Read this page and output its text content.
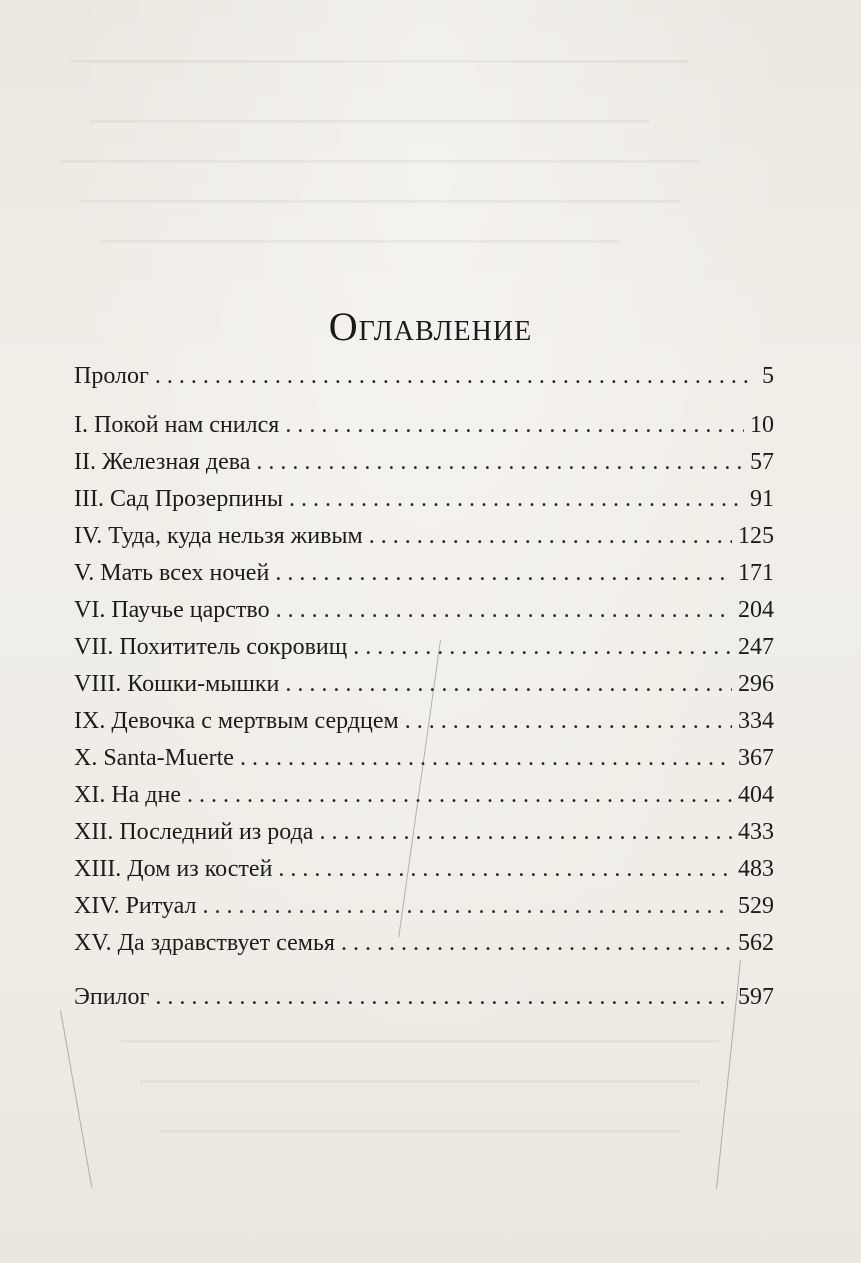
Оглавление
Пролог . . .	5
I. Покой нам снился . . .	10
II. Железная дева . . .	57
III. Сад Прозерпины . . .	91
IV. Туда, куда нельзя живым . . .	125
V. Мать всех ночей . . .	171
VI. Паучье царство . . .	204
VII. Похититель сокровищ . . .	247
VIII. Кошки-мышки . . .	296
IX. Девочка с мертвым сердцем . . .	334
X. Santa-Muerte . . .	367
XI. На дне . . .	404
XII. Последний из рода . . .	433
XIII. Дом из костей . . .	483
XIV. Ритуал . . .	529
XV. Да здравствует семья . . .	562
Эпилог . . .	597
